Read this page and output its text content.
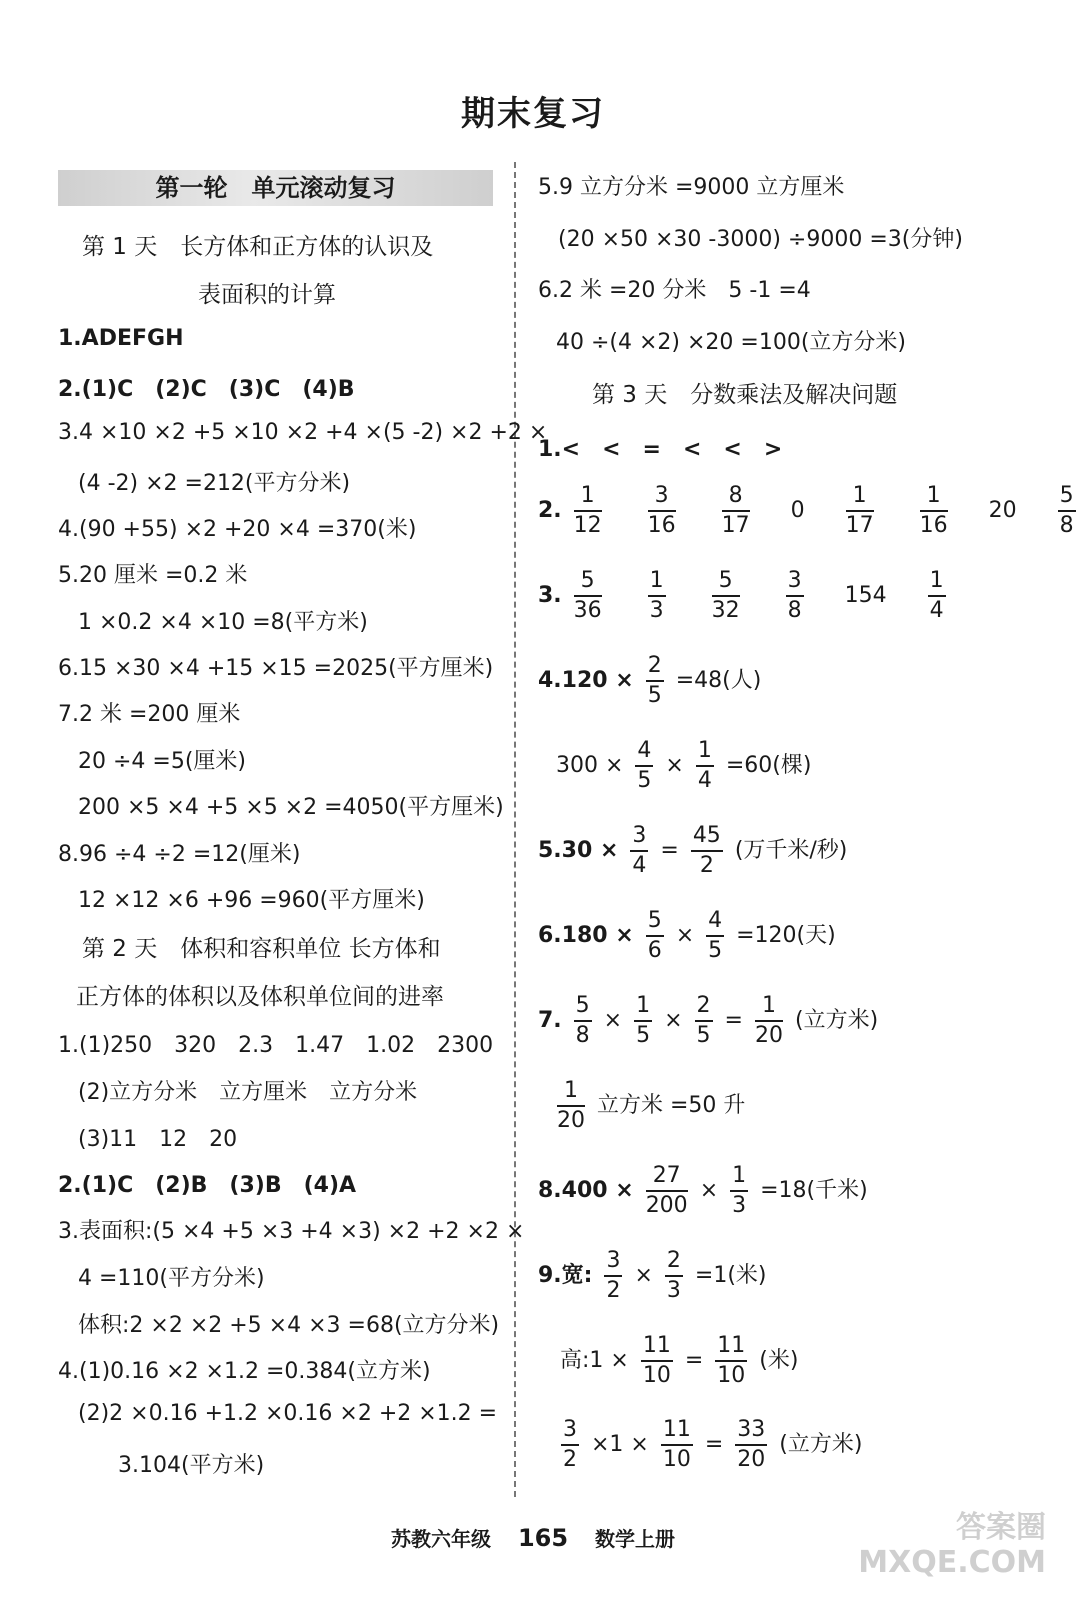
期末复习
第一轮　单元滚动复习
第 1 天　长方体和正方体的认识及
表面积的计算
1.ADEFGH
2.(1)C　(2)C　(3)C　(4)B
3.4 ×10 ×2 +5 ×10 ×2 +4 ×(5 -2) ×2 +2 ×
(4 -2) ×2 =212(平方分米)
4.(90 +55) ×2 +20 ×4 =370(米)
5.20 厘米 =0.2 米
1 ×0.2 ×4 ×10 =8(平方米)
6.15 ×30 ×4 +15 ×15 =2025(平方厘米)
7.2 米 =200 厘米
20 ÷4 =5(厘米)
200 ×5 ×4 +5 ×5 ×2 =4050(平方厘米)
8.96 ÷4 ÷2 =12(厘米)
12 ×12 ×6 +96 =960(平方厘米)
第 2 天　体积和容积单位 长方体和
正方体的体积以及体积单位间的进率
1.(1)250　320　2.3　1.47　1.02　2300
(2)立方分米　立方厘米　立方分米
(3)11　12　20
2.(1)C　(2)B　(3)B　(4)A
3.表面积:(5 ×4 +5 ×3 +4 ×3) ×2 +2 ×2 ×
4 =110(平方分米)
体积:2 ×2 ×2 +5 ×4 ×3 =68(立方分米)
4.(1)0.16 ×2 ×1.2 =0.384(立方米)
(2)2 ×0.16 +1.2 ×0.16 ×2 +2 ×1.2 =
3.104(平方米)
5.9 立方分米 =9000 立方厘米
(20 ×50 ×30 -3000) ÷9000 =3(分钟)
6.2 米 =20 分米　5 -1 =4
40 ÷(4 ×2) ×20 =100(立方分米)
第 3 天　分数乘法及解决问题
1.<　<　=　<　<　>
2. $\frac{1}{12}$
$\frac{3}{16}$
$\frac{8}{17} 0 \frac{1}{17}$
$\frac{1}{16} 20 \frac{5}{8}$
3. $\frac{5}{36}$
$\frac{1}{3}$
$\frac{5}{32}$
$\frac{3}{8} 154 \frac{1}{4}$
$4.120 \times \frac{2}{5} =48$(人)
$300 \times \frac{4}{5} \times \frac{1}{4} =60$(棵)
$5.30 \times \frac{3}{4} = \frac{45}{2}$ (万千米/秒)
$6.180 \times \frac{5}{6} \times \frac{4}{5} =120$(天)
7. $\frac{5}{8} \times \frac{1}{5} \times \frac{2}{5} = \frac{1}{20}$ (立方米)
$\frac{1}{20}$ 立方米 =50 升
$8.400 \times \frac{27}{200} \times \frac{1}{3} =18$(千米)
9.宽: $\frac{3}{2} \times \frac{2}{3} =1$(米)
高:1 × $\frac{11}{10} = \frac{11}{10}$ (米)
$\frac{3}{2} \times 1 \times \frac{11}{10} = \frac{33}{20}$ (立方米)
苏教六年级 165 数学上册	答案圈 MXQE.COM
